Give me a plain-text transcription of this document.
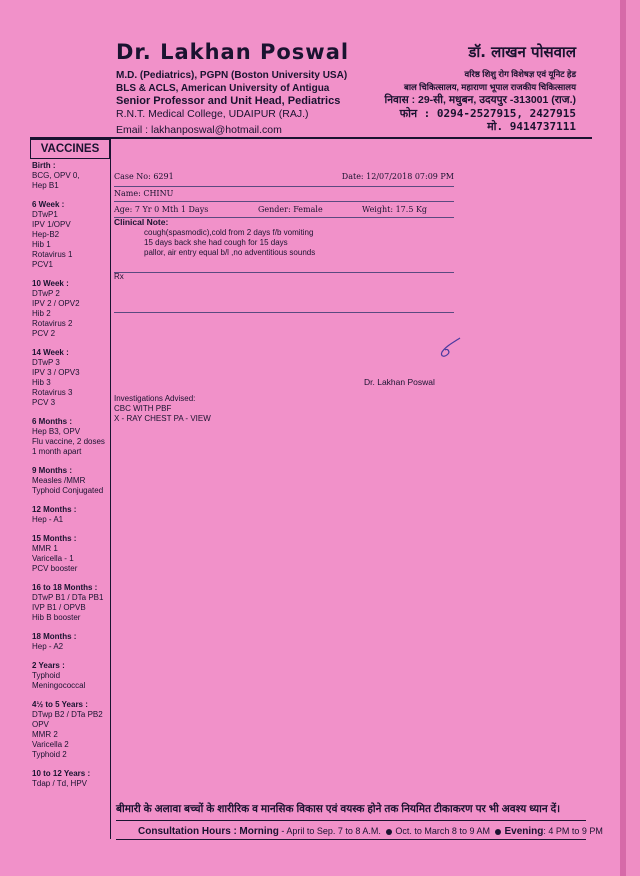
Dr. Lakhan Poswal
M.D. (Pediatrics), PGPN (Boston University USA)
BLS & ACLS, American University of Antigua
Senior Professor and Unit Head, Pediatrics
R.N.T. Medical College, UDAIPUR (RAJ.)
Email : lakhanposwal@hotmail.com
डॉ. लाखन पोसवाल
वरिष्ठ शिशु रोग विशेषज्ञ एवं यूनिट हेड
बाल चिकित्सालय, महाराणा भूपाल राजकीय चिकित्सालय
निवास : 29-सी, मधुबन, उदयपुर -313001 (राज.)
फोन : 0294-2527915, 2427915
मो. 9414737111
VACCINES
Birth :
BCG, OPV 0,
Hep B1
6 Week :
DTwP1
IPV 1/OPV
Hep-B2
Hib 1
Rotavirus 1
PCV1
10 Week :
DTwP 2
IPV 2 / OPV2
Hib 2
Rotavirus 2
PCV 2
14 Week :
DTwP 3
IPV 3 / OPV3
Hib 3
Rotavirus 3
PCV 3
6 Months :
Hep B3, OPV
Flu vaccine, 2 doses
1 month apart
9 Months :
Measles /MMR
Typhoid Conjugated
12 Months :
Hep - A1
15 Months :
MMR 1
Varicella - 1
PCV booster
16 to 18 Months :
DTwP B1 / DTa PB1
IVP B1 / OPVB
Hib B booster
18 Months :
Hep - A2
2 Years :
Typhoid
Meningococcal
4½ to 5 Years :
DTwp B2 / DTa PB2
OPV
MMR 2
Varicella 2
Typhoid 2
10 to 12 Years :
Tdap / Td, HPV
Case No: 6291	Date: 12/07/2018 07:09 PM
Name: CHINU
Age: 7 Yr 0 Mth 1 Days	Gender: Female	Weight: 17.5 Kg
Clinical Note:
cough(spasmodic),cold from 2 days f/b vomiting
15 days back she had cough for 15 days
pallor, air entry equal b/l ,no adventitious sounds
Rx
Dr. Lakhan Poswal
Investigations Advised:
CBC WITH PBF
X - RAY CHEST PA - VIEW
बीमारी के अलावा बच्चों के शारीरिक व मानसिक विकास एवं वयस्क होने तक नियमित टीकाकरण पर भी अवश्य ध्यान दें।
Consultation Hours : Morning - April to Sep. 7 to 8 A.M. Oct. to March 8 to 9 AM Evening: 4 PM to 9 PM
